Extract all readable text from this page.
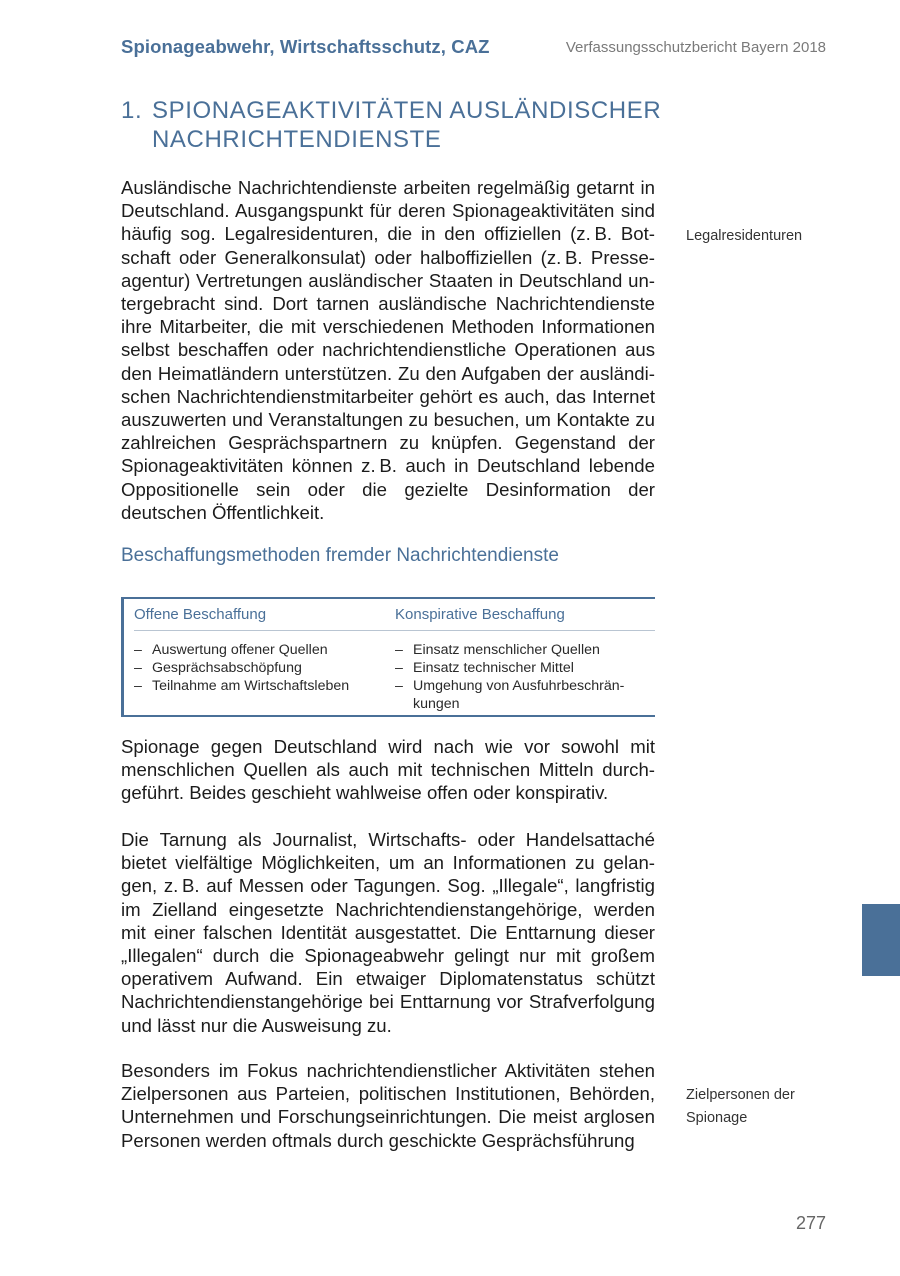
Spionageabwehr, Wirtschaftsschutz, CAZ	Verfassungsschutzbericht Bayern 2018
1. SPIONAGEAKTIVITÄTEN AUSLÄNDISCHER NACHRICHTENDIENSTE

Ausländische Nachrichtendienste arbeiten regelmäßig getarnt in Deutschland. Ausgangspunkt für deren Spionageaktivitäten sind häufig sog. Legalresidenturen, die in den offiziellen (z. B. Botschaft oder Generalkonsulat) oder halboffiziellen (z. B. Presseagentur) Vertretungen ausländischer Staaten in Deutschland untergebracht sind. Dort tarnen ausländische Nachrichtendienste ihre Mitarbeiter, die mit verschiedenen Methoden Informationen selbst beschaffen oder nachrichtendienstliche Operationen aus den Heimatländern unterstützen. Zu den Aufgaben der ausländischen Nachrichtendienstmitarbeiter gehört es auch, das Internet auszuwerten und Veranstaltungen zu besuchen, um Kontakte zu zahlreichen Gesprächspartnern zu knüpfen. Gegenstand der Spionageaktivitäten können z. B. auch in Deutschland lebende Oppositionelle sein oder die gezielte Desinformation der deutschen Öffentlichkeit.

Legalresidenturen
Beschaffungsmethoden fremder Nachrichtendienste
Offene Beschaffung
– Auswertung offener Quellen
– Gesprächsabschöpfung
– Teilnahme am Wirtschaftsleben
Konspirative Beschaffung
– Einsatz menschlicher Quellen
– Einsatz technischer Mittel
– Umgehung von Ausfuhrbeschränkungen

Spionage gegen Deutschland wird nach wie vor sowohl mit menschlichen Quellen als auch mit technischen Mitteln durchgeführt. Beides geschieht wahlweise offen oder konspirativ.

Die Tarnung als Journalist, Wirtschafts- oder Handelsattaché bietet vielfältige Möglichkeiten, um an Informationen zu gelangen, z. B. auf Messen oder Tagungen. Sog. „Illegale“, langfristig im Zielland eingesetzte Nachrichtendienstangehörige, werden mit einer falschen Identität ausgestattet. Die Enttarnung dieser „Illegalen“ durch die Spionageabwehr gelingt nur mit großem operativem Aufwand. Ein etwaiger Diplomatenstatus schützt Nachrichtendienstangehörige bei Enttarnung vor Strafverfolgung und lässt nur die Ausweisung zu.

Besonders im Fokus nachrichtendienstlicher Aktivitäten stehen Zielpersonen aus Parteien, politischen Institutionen, Behörden, Unternehmen und Forschungseinrichtungen. Die meist arglosen Personen werden oftmals durch geschickte Gesprächsführung

Zielpersonen der Spionage
277
